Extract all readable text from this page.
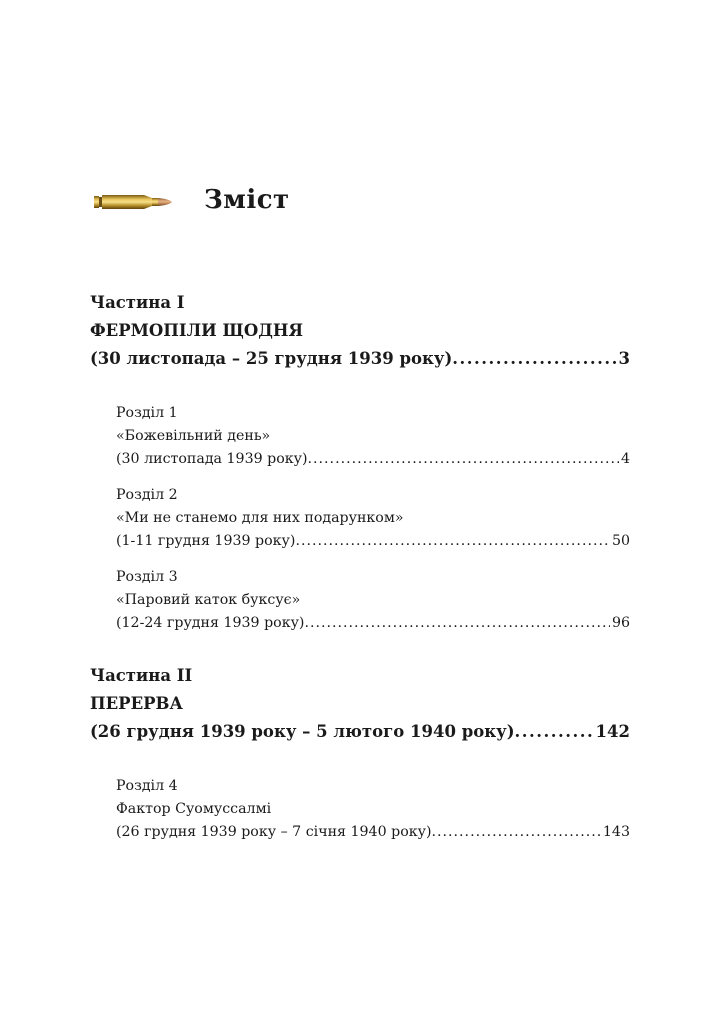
Зміст
Частина I
ФЕРМОПІЛИ ЩОДНЯ
(30 листопада – 25 грудня 1939 року) .....	3
Розділ 1
«Божевільний день»
(30 листопада 1939 року) .....	4
Розділ 2
«Ми не станемо для них подарунком»
(1-11 грудня 1939 року) .....	50
Розділ 3
«Паровий каток буксує»
(12-24 грудня 1939 року) .....	96
Частина II
ПЕРЕРВА
(26 грудня 1939 року – 5 лютого 1940 року) .....	142
Розділ 4
Фактор Суомуссалмі
(26 грудня 1939 року – 7 січня 1940 року) .....	143
